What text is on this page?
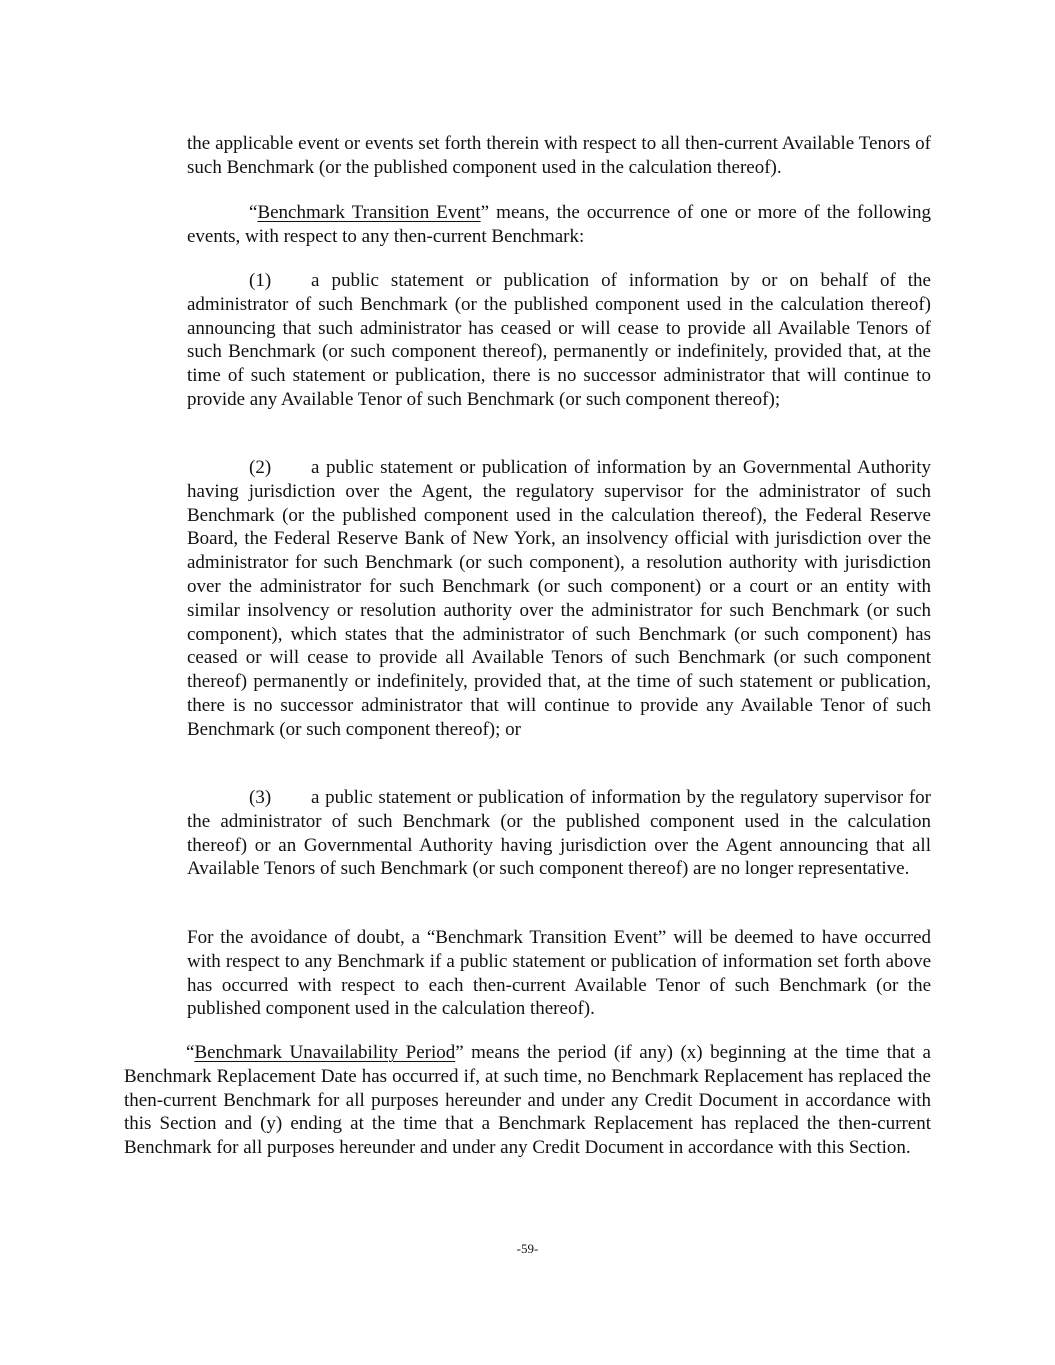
the applicable event or events set forth therein with respect to all then-current Available Tenors of such Benchmark (or the published component used in the calculation thereof).

“Benchmark Transition Event” means, the occurrence of one or more of the following events, with respect to any then-current Benchmark:

(1) a public statement or publication of information by or on behalf of the administrator of such Benchmark (or the published component used in the calculation thereof) announcing that such administrator has ceased or will cease to provide all Available Tenors of such Benchmark (or such component thereof), permanently or indefinitely, provided that, at the time of such statement or publication, there is no successor administrator that will continue to provide any Available Tenor of such Benchmark (or such component thereof);

(2) a public statement or publication of information by an Governmental Authority having jurisdiction over the Agent, the regulatory supervisor for the administrator of such Benchmark (or the published component used in the calculation thereof), the Federal Reserve Board, the Federal Reserve Bank of New York, an insolvency official with jurisdiction over the administrator for such Benchmark (or such component), a resolution authority with jurisdiction over the administrator for such Benchmark (or such component) or a court or an entity with similar insolvency or resolution authority over the administrator for such Benchmark (or such component), which states that the administrator of such Benchmark (or such component) has ceased or will cease to provide all Available Tenors of such Benchmark (or such component thereof) permanently or indefinitely, provided that, at the time of such statement or publication, there is no successor administrator that will continue to provide any Available Tenor of such Benchmark (or such component thereof); or

(3) a public statement or publication of information by the regulatory supervisor for the administrator of such Benchmark (or the published component used in the calculation thereof) or an Governmental Authority having jurisdiction over the Agent announcing that all Available Tenors of such Benchmark (or such component thereof) are no longer representative.

For the avoidance of doubt, a “Benchmark Transition Event” will be deemed to have occurred with respect to any Benchmark if a public statement or publication of information set forth above has occurred with respect to each then-current Available Tenor of such Benchmark (or the published component used in the calculation thereof).

“Benchmark Unavailability Period” means the period (if any) (x) beginning at the time that a Benchmark Replacement Date has occurred if, at such time, no Benchmark Replacement has replaced the then-current Benchmark for all purposes hereunder and under any Credit Document in accordance with this Section and (y) ending at the time that a Benchmark Replacement has replaced the then-current Benchmark for all purposes hereunder and under any Credit Document in accordance with this Section.

-59-
